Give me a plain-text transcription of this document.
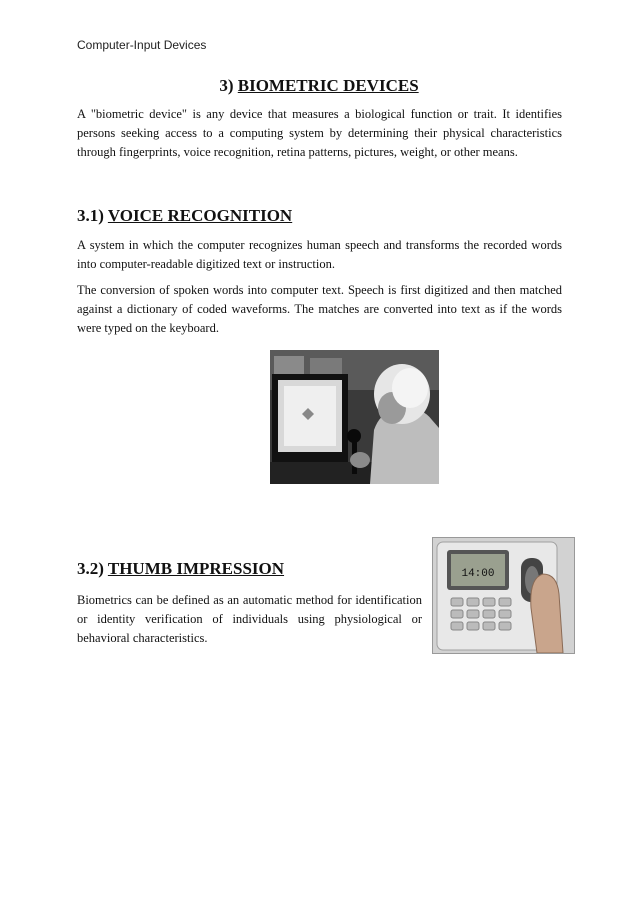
Computer-Input Devices
3) BIOMETRIC DEVICES

A "biometric device" is any device that measures a biological function or trait. It identifies persons seeking access to a computing system by determining their physical characteristics through fingerprints, voice recognition, retina patterns, pictures, weight, or other means.

3.1) VOICE RECOGNITION

A system in which the computer recognizes human speech and transforms the recorded words into computer-readable digitized text or instruction.

The conversion of spoken words into computer text. Speech is first digitized and then matched against a dictionary of coded waveforms. The matches are converted into text as if the words were typed on the keyboard.

3.2) THUMB IMPRESSION

Biometrics can be defined as an automatic method for identification or identity verification of individuals using physiological or behavioral characteristics.

14:00
